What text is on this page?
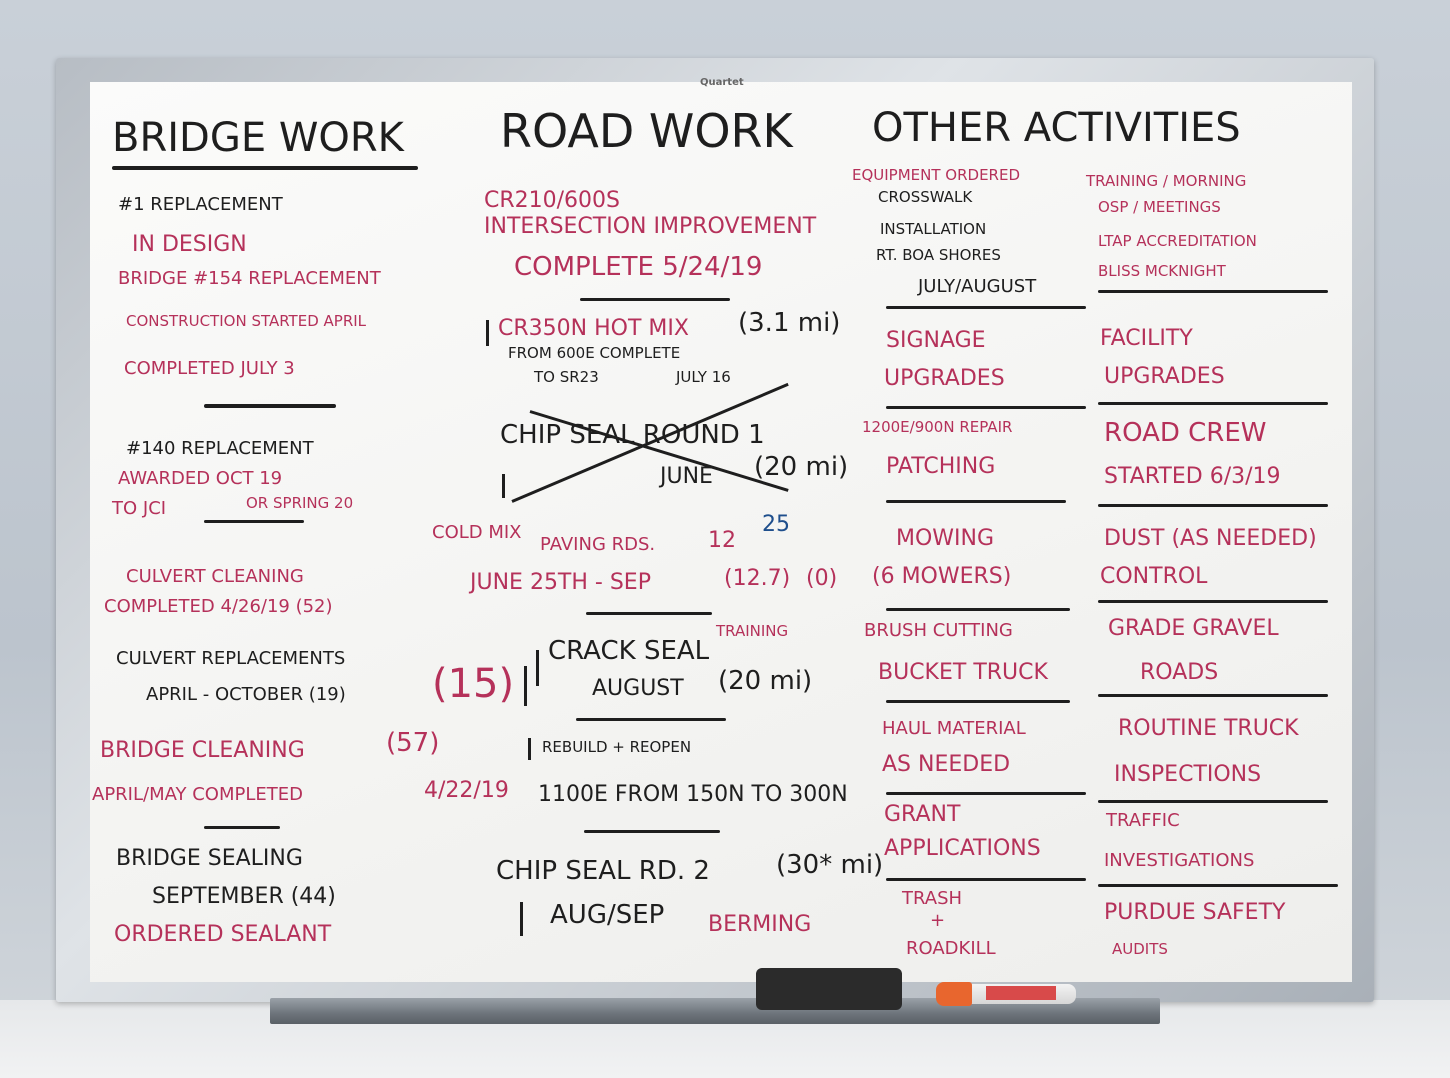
Quartet
BRIDGE WORK
#1 REPLACEMENT
IN DESIGN
BRIDGE #154 REPLACEMENT
CONSTRUCTION STARTED APRIL
COMPLETED JULY 3
#140 REPLACEMENT
AWARDED OCT 19
TO JCI	OR SPRING 20
CULVERT CLEANING
COMPLETED 4/26/19 (52)
CULVERT REPLACEMENTS
APRIL - OCTOBER (19) (15)
BRIDGE CLEANING	(57)
APRIL/MAY COMPLETED	4/22/19
BRIDGE SEALING
SEPTEMBER (44)
ORDERED SEALANT
ROAD WORK
CR210/600S
INTERSECTION IMPROVEMENT
COMPLETE 5/24/19
CR350N HOT MIX (3.1 mi)
FROM 600E COMPLETE
TO SR23	JULY 16
CHIP SEAL ROUND 1
JUNE (20 mi)
COLD MIX
PAVING RDS. 12
25
JUNE 25TH - SEP	(12.7) (0)
CRACK SEAL
TRAINING
AUGUST (20 mi)
REBUILD + REOPEN
1100E FROM 150N TO 300N
CHIP SEAL RD. 2	(30* mi)
AUG/SEP BERMING
OTHER ACTIVITIES
EQUIPMENT ORDERED
CROSSWALK
INSTALLATION
RT. BOA SHORES
JULY/AUGUST
SIGNAGE
UPGRADES
1200E/900N REPAIR
PATCHING
MOWING
(6 MOWERS)
BRUSH CUTTING
BUCKET TRUCK
HAUL MATERIAL
AS NEEDED
GRANT
APPLICATIONS
TRASH
+
ROADKILL
TRAINING / MORNING
OSP / MEETINGS
LTAP ACCREDITATION
BLISS MCKNIGHT
FACILITY
UPGRADES
ROAD CREW
STARTED 6/3/19
DUST (AS NEEDED)
CONTROL
GRADE GRAVEL
ROADS
ROUTINE TRUCK
INSPECTIONS
TRAFFIC
INVESTIGATIONS
PURDUE SAFETY
AUDITS
